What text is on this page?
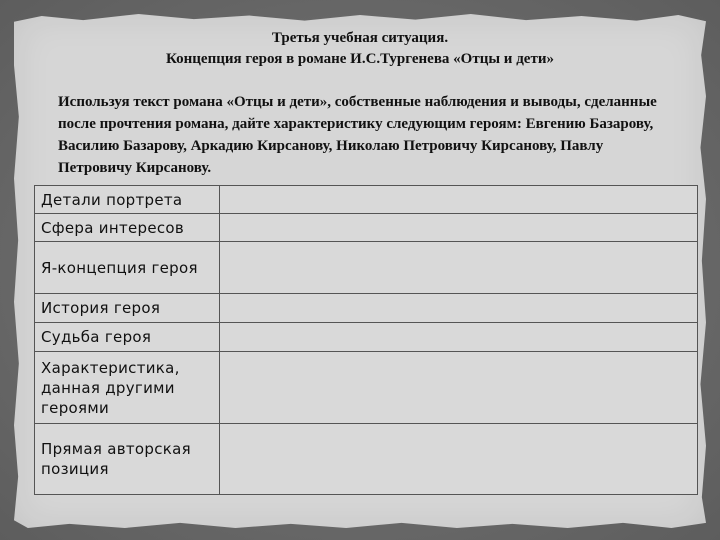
Третья учебная ситуация.
Концепция героя в романе И.С.Тургенева «Отцы и дети»
Используя текст романа «Отцы и дети», собственные наблюдения и выводы, сделанные после прочтения романа, дайте характеристику следующим героям: Евгению Базарову, Василию Базарову, Аркадию Кирсанову, Николаю Петровичу Кирсанову, Павлу Петровичу Кирсанову.
Детали портрета	
Сфера интересов	
Я-концепция героя	
История героя	
Судьба героя	
Характеристика, данная другими героями	
Прямая авторская позиция	
